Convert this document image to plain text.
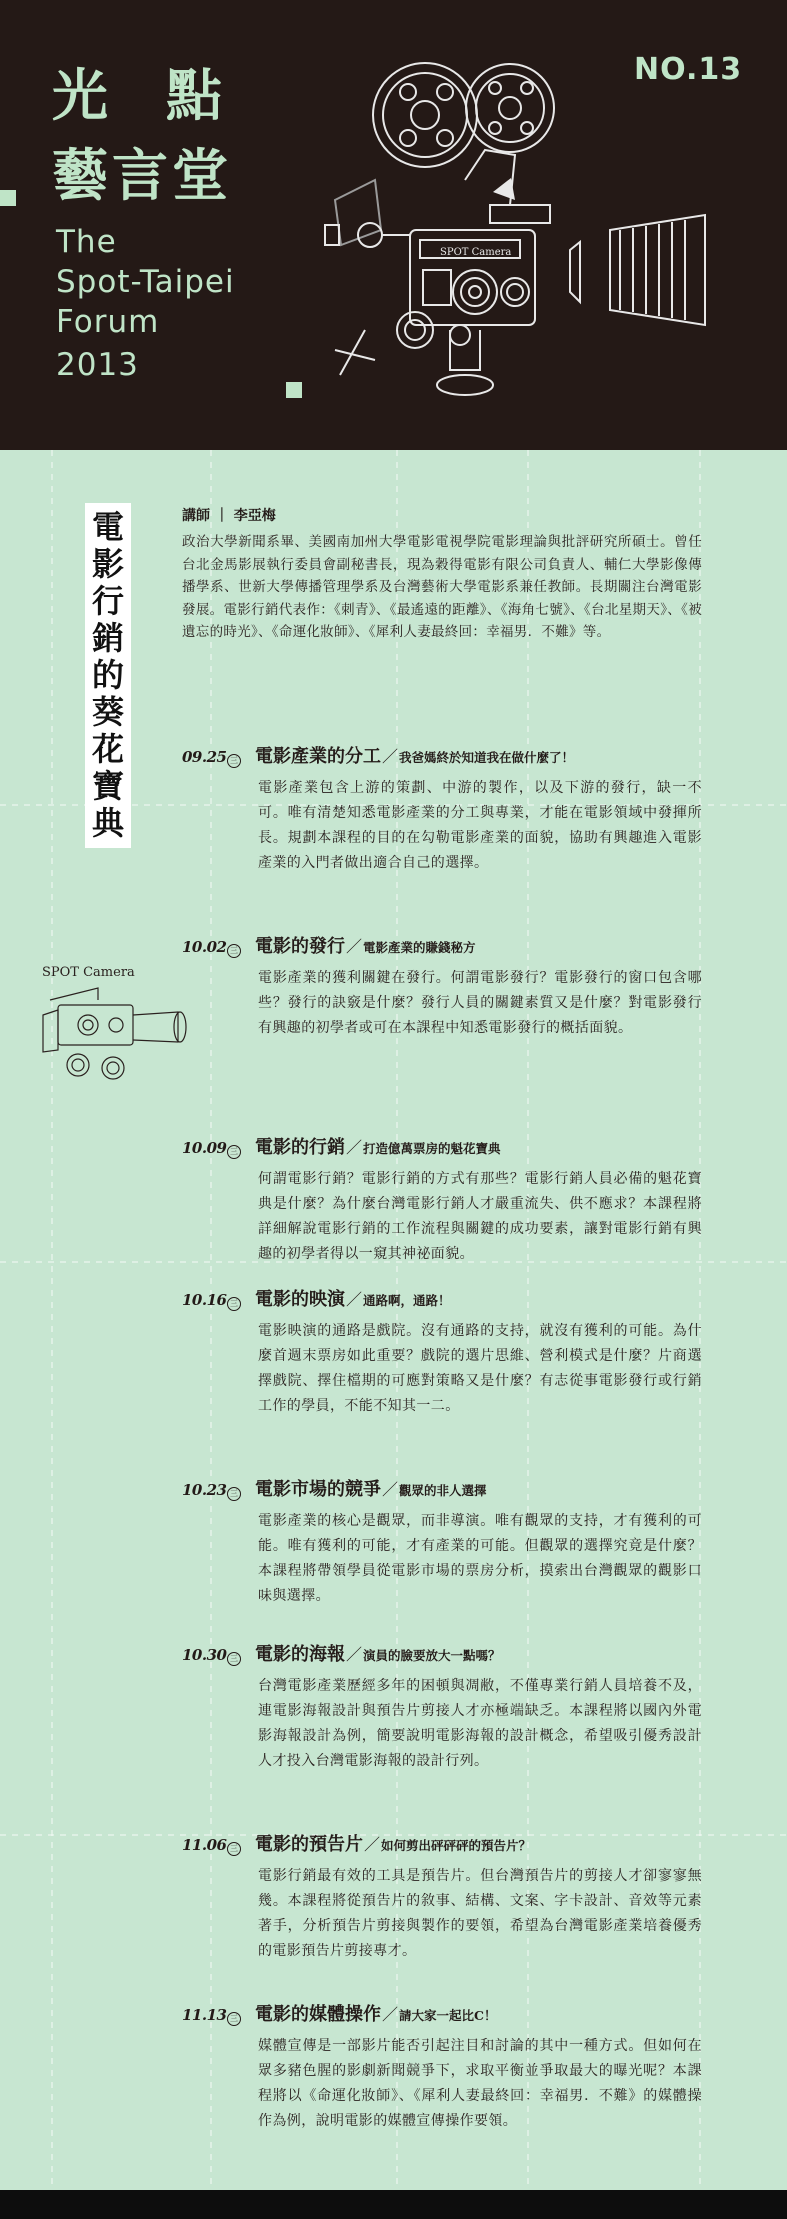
光點
藝言堂
The
Spot-Taipei
Forum
2013
NO.13
SPOT Camera
電
影
行
銷
的
葵
花
寶
典
講師 ｜ 李亞梅
政治大學新聞系畢、美國南加州大學電影電視學院電影理論與批評研究所碩士。曾任台北金馬影展執行委員會副秘書長，現為穀得電影有限公司負責人、輔仁大學影像傳播學系、世新大學傳播管理學系及台灣藝術大學電影系兼任教師。長期關注台灣電影發展。電影行銷代表作：《刺青》、《最遙遠的距離》、《海角七號》、《台北星期天》、《被遺忘的時光》、《命運化妝師》、《犀利人妻最終回：幸福男．不難》等。
SPOT Camera
09.25 三 電影產業的分工 ／ 我爸媽終於知道我在做什麼了！
電影產業包含上游的策劃、中游的製作，以及下游的發行，缺一不可。唯有清楚知悉電影產業的分工與專業，才能在電影領域中發揮所長。規劃本課程的目的在勾勒電影產業的面貌，協助有興趣進入電影產業的入門者做出適合自己的選擇。
10.02 三 電影的發行 ／ 電影產業的賺錢秘方
電影產業的獲利關鍵在發行。何謂電影發行？電影發行的窗口包含哪些？發行的訣竅是什麼？發行人員的關鍵素質又是什麼？對電影發行有興趣的初學者或可在本課程中知悉電影發行的概括面貌。
10.09 三 電影的行銷 ／ 打造億萬票房的魁花寶典
何謂電影行銷？電影行銷的方式有那些？電影行銷人員必備的魁花寶典是什麼？為什麼台灣電影行銷人才嚴重流失、供不應求？本課程將詳細解說電影行銷的工作流程與關鍵的成功要素，讓對電影行銷有興趣的初學者得以一窺其神祕面貌。
10.16 三 電影的映演 ／ 通路啊，通路！
電影映演的通路是戲院。沒有通路的支持，就沒有獲利的可能。為什麼首週末票房如此重要？戲院的選片思維、營利模式是什麼？片商選擇戲院、擇住檔期的可應對策略又是什麼？有志從事電影發行或行銷工作的學員，不能不知其一二。
10.23 三 電影市場的競爭 ／ 觀眾的非人選擇
電影產業的核心是觀眾，而非導演。唯有觀眾的支持，才有獲利的可能。唯有獲利的可能，才有產業的可能。但觀眾的選擇究竟是什麼？本課程將帶領學員從電影市場的票房分析，摸索出台灣觀眾的觀影口味與選擇。
10.30 三 電影的海報 ／ 演員的臉要放大一點嗎？
台灣電影產業歷經多年的困頓與凋敝，不僅專業行銷人員培養不及，連電影海報設計與預告片剪接人才亦極端缺乏。本課程將以國內外電影海報設計為例，簡要說明電影海報的設計概念，希望吸引優秀設計人才投入台灣電影海報的設計行列。
11.06 三 電影的預告片 ／ 如何剪出砰砰砰的預告片？
電影行銷最有效的工具是預告片。但台灣預告片的剪接人才卻寥寥無幾。本課程將從預告片的敘事、結構、文案、字卡設計、音效等元素著手，分析預告片剪接與製作的要領，希望為台灣電影產業培養優秀的電影預告片剪接專才。
11.13 三 電影的媒體操作 ／ 請大家一起比C！
媒體宣傳是一部影片能否引起注目和討論的其中一種方式。但如何在眾多豬色腥的影劇新聞競爭下，求取平衡並爭取最大的曝光呢？本課程將以《命運化妝師》、《犀利人妻最終回：幸福男．不難》的媒體操作為例，說明電影的媒體宣傳操作要領。
